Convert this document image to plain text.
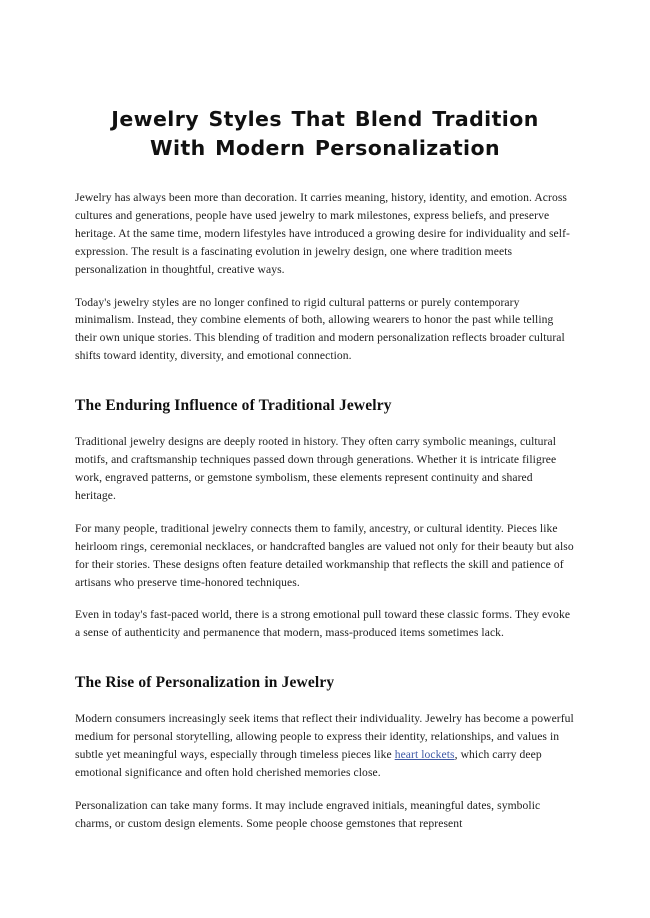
Jewelry Styles That Blend Tradition With Modern Personalization

Jewelry has always been more than decoration. It carries meaning, history, identity, and emotion. Across cultures and generations, people have used jewelry to mark milestones, express beliefs, and preserve heritage. At the same time, modern lifestyles have introduced a growing desire for individuality and self-expression. The result is a fascinating evolution in jewelry design, one where tradition meets personalization in thoughtful, creative ways.

Today's jewelry styles are no longer confined to rigid cultural patterns or purely contemporary minimalism. Instead, they combine elements of both, allowing wearers to honor the past while telling their own unique stories. This blending of tradition and modern personalization reflects broader cultural shifts toward identity, diversity, and emotional connection.

The Enduring Influence of Traditional Jewelry

Traditional jewelry designs are deeply rooted in history. They often carry symbolic meanings, cultural motifs, and craftsmanship techniques passed down through generations. Whether it is intricate filigree work, engraved patterns, or gemstone symbolism, these elements represent continuity and shared heritage.

For many people, traditional jewelry connects them to family, ancestry, or cultural identity. Pieces like heirloom rings, ceremonial necklaces, or handcrafted bangles are valued not only for their beauty but also for their stories. These designs often feature detailed workmanship that reflects the skill and patience of artisans who preserve time-honored techniques.

Even in today's fast-paced world, there is a strong emotional pull toward these classic forms. They evoke a sense of authenticity and permanence that modern, mass-produced items sometimes lack.

The Rise of Personalization in Jewelry

Modern consumers increasingly seek items that reflect their individuality. Jewelry has become a powerful medium for personal storytelling, allowing people to express their identity, relationships, and values in subtle yet meaningful ways, especially through timeless pieces like heart lockets, which carry deep emotional significance and often hold cherished memories close.

Personalization can take many forms. It may include engraved initials, meaningful dates, symbolic charms, or custom design elements. Some people choose gemstones that represent
